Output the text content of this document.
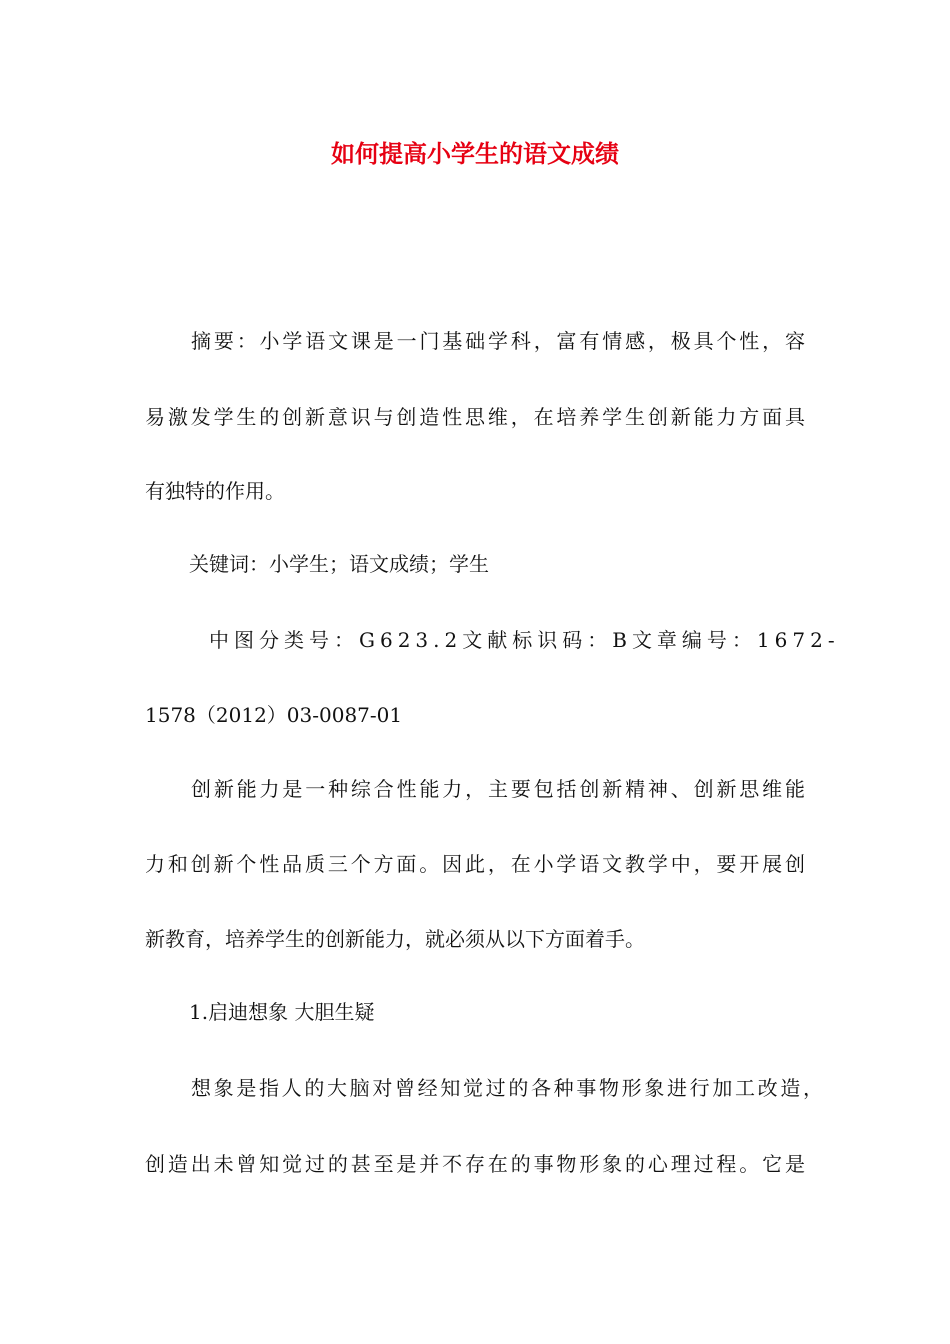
如何提高小学生的语文成绩
摘要：小学语文课是一门基础学科，富有情感，极具个性，容
易激发学生的创新意识与创造性思维，在培养学生创新能力方面具
有独特的作用。
关键词：小学生；语文成绩；学生
中图分类号：G623.2 文献标识码：B 文章编号：1672-
1578（2012）03-0087-01
创新能力是一种综合性能力，主要包括创新精神、创新思维能
力和创新个性品质三个方面。因此，在小学语文教学中，要开展创
新教育，培养学生的创新能力，就必须从以下方面着手。
1.启迪想象 大胆生疑
想象是指人的大脑对曾经知觉过的各种事物形象进行加工改造，
创造出未曾知觉过的甚至是并不存在的事物形象的心理过程。它是
